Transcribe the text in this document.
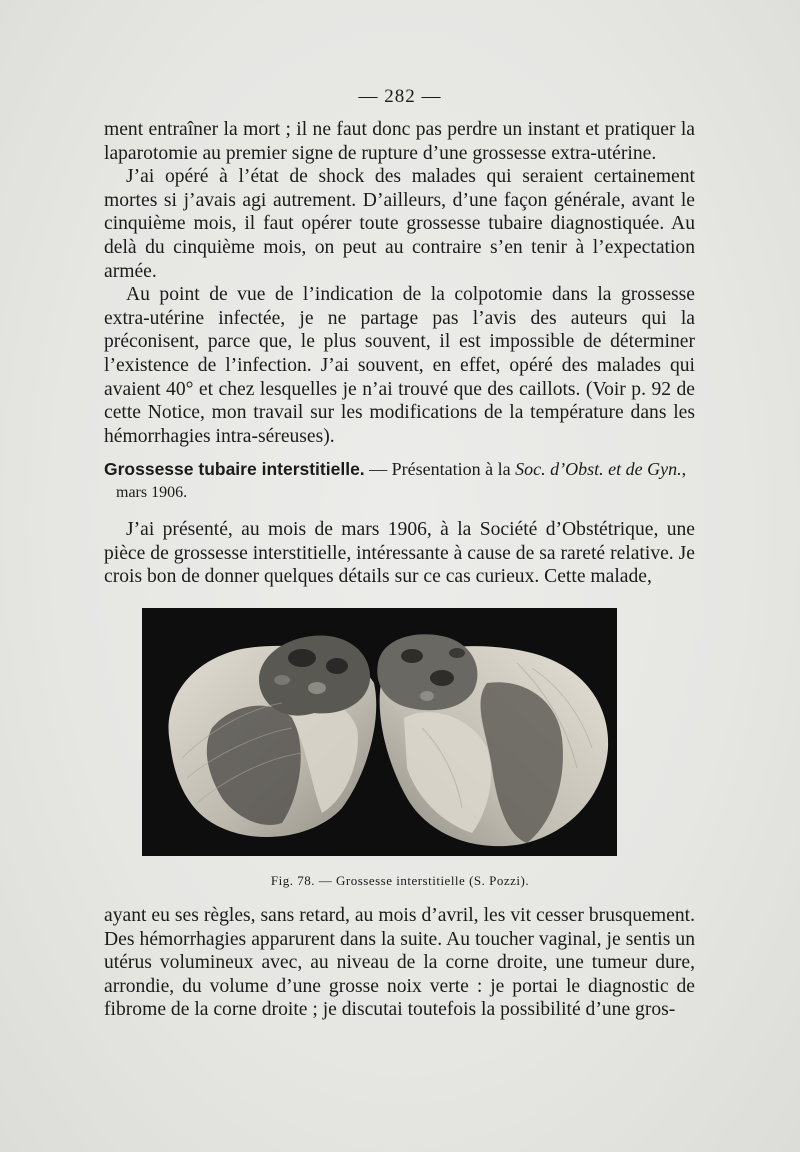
— 282 —

ment entraîner la mort ; il ne faut donc pas perdre un instant et pratiquer la laparotomie au premier signe de rupture d’une grossesse extra-utérine.

J’ai opéré à l’état de shock des malades qui seraient certainement mortes si j’avais agi autrement. D’ailleurs, d’une façon générale, avant le cinquième mois, il faut opérer toute grossesse tubaire diagnostiquée. Au delà du cinquième mois, on peut au contraire s’en tenir à l’expectation armée.

Au point de vue de l’indication de la colpotomie dans la grossesse extra-utérine infectée, je ne partage pas l’avis des auteurs qui la préconisent, parce que, le plus souvent, il est impossible de déterminer l’existence de l’infection. J’ai souvent, en effet, opéré des malades qui avaient 40° et chez lesquelles je n’ai trouvé que des caillots. (Voir p. 92 de cette Notice, mon travail sur les modifications de la température dans les hémorrhagies intra-séreuses).

Grossesse tubaire interstitielle. — Présentation à la Soc. d’Obst. et de Gyn.,
mars 1906.

J’ai présenté, au mois de mars 1906, à la Société d’Obstétrique, une pièce de grossesse interstitielle, intéressante à cause de sa rareté relative. Je crois bon de donner quelques détails sur ce cas curieux. Cette malade,

Fig. 78. — Grossesse interstitielle (S. Pozzi).

ayant eu ses règles, sans retard, au mois d’avril, les vit cesser brusquement. Des hémorrhagies apparurent dans la suite. Au toucher vaginal, je sentis un utérus volumineux avec, au niveau de la corne droite, une tumeur dure, arrondie, du volume d’une grosse noix verte : je portai le diagnostic de fibrome de la corne droite ; je discutai toutefois la possibilité d’une gros-
